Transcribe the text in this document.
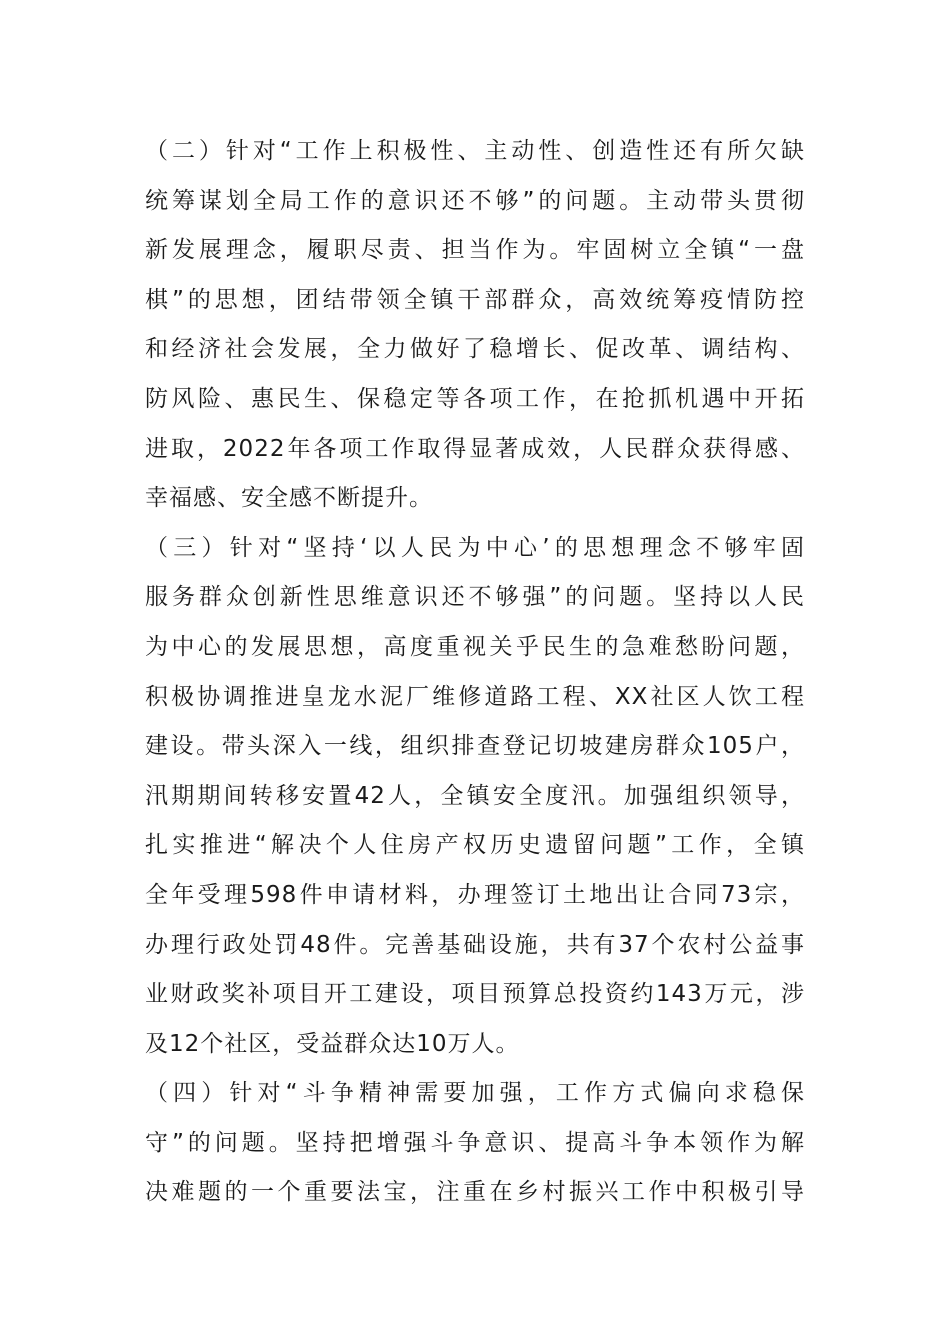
（二）针对“工作上积极性、主动性、创造性还有所欠缺
统筹谋划全局工作的意识还不够”的问题。主动带头贯彻
新发展理念，履职尽责、担当作为。牢固树立全镇“一盘
棋”的思想，团结带领全镇干部群众，高效统筹疫情防控
和经济社会发展，全力做好了稳增长、促改革、调结构、
防风险、惠民生、保稳定等各项工作，在抢抓机遇中开拓
进取，2022年各项工作取得显著成效，人民群众获得感、
幸福感、安全感不断提升。
（三）针对“坚持‘以人民为中心’的思想理念不够牢固
服务群众创新性思维意识还不够强”的问题。坚持以人民
为中心的发展思想，高度重视关乎民生的急难愁盼问题，
积极协调推进皇龙水泥厂维修道路工程、XX社区人饮工程
建设。带头深入一线，组织排查登记切坡建房群众105户，
汛期期间转移安置42人，全镇安全度汛。加强组织领导，
扎实推进“解决个人住房产权历史遗留问题”工作，全镇
全年受理598件申请材料，办理签订土地出让合同73宗，
办理行政处罚48件。完善基础设施，共有37个农村公益事
业财政奖补项目开工建设，项目预算总投资约143万元，涉
及12个社区，受益群众达10万人。
（四）针对“斗争精神需要加强，工作方式偏向求稳保
守”的问题。坚持把增强斗争意识、提高斗争本领作为解
决难题的一个重要法宝，注重在乡村振兴工作中积极引导
